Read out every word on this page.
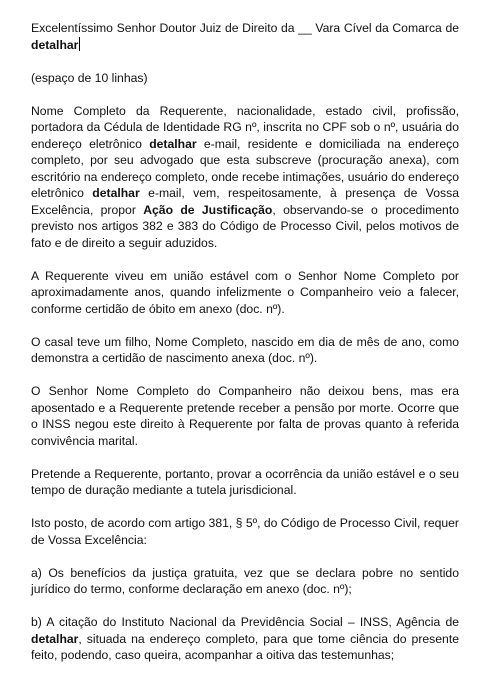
Excelentíssimo Senhor Doutor Juiz de Direito da __ Vara Cível da Comarca de detalhar

(espaço de 10 linhas)

Nome Completo da Requerente, nacionalidade, estado civil, profissão, portadora da Cédula de Identidade RG nº, inscrita no CPF sob o nº, usuária do endereço eletrônico detalhar e-mail, residente e domiciliada na endereço completo, por seu advogado que esta subscreve (procuração anexa), com escritório na endereço completo, onde recebe intimações, usuário do endereço eletrônico detalhar e-mail, vem, respeitosamente, à presença de Vossa Excelência, propor Ação de Justificação, observando-se o procedimento previsto nos artigos 382 e 383 do Código de Processo Civil, pelos motivos de fato e de direito a seguir aduzidos.

A Requerente viveu em união estável com o Senhor Nome Completo por aproximadamente anos, quando infelizmente o Companheiro veio a falecer, conforme certidão de óbito em anexo (doc. nº).

O casal teve um filho, Nome Completo, nascido em dia de mês de ano, como demonstra a certidão de nascimento anexa (doc. nº).

O Senhor Nome Completo do Companheiro não deixou bens, mas era aposentado e a Requerente pretende receber a pensão por morte. Ocorre que o INSS negou este direito à Requerente por falta de provas quanto à referida convivência marital.

Pretende a Requerente, portanto, provar a ocorrência da união estável e o seu tempo de duração mediante a tutela jurisdicional.

Isto posto, de acordo com artigo 381, § 5º, do Código de Processo Civil, requer de Vossa Excelência:

a) Os benefícios da justiça gratuita, vez que se declara pobre no sentido jurídico do termo, conforme declaração em anexo (doc. nº);

b) A citação do Instituto Nacional da Previdência Social – INSS, Agência de detalhar, situada na endereço completo, para que tome ciência do presente feito, podendo, caso queira, acompanhar a oitiva das testemunhas;
